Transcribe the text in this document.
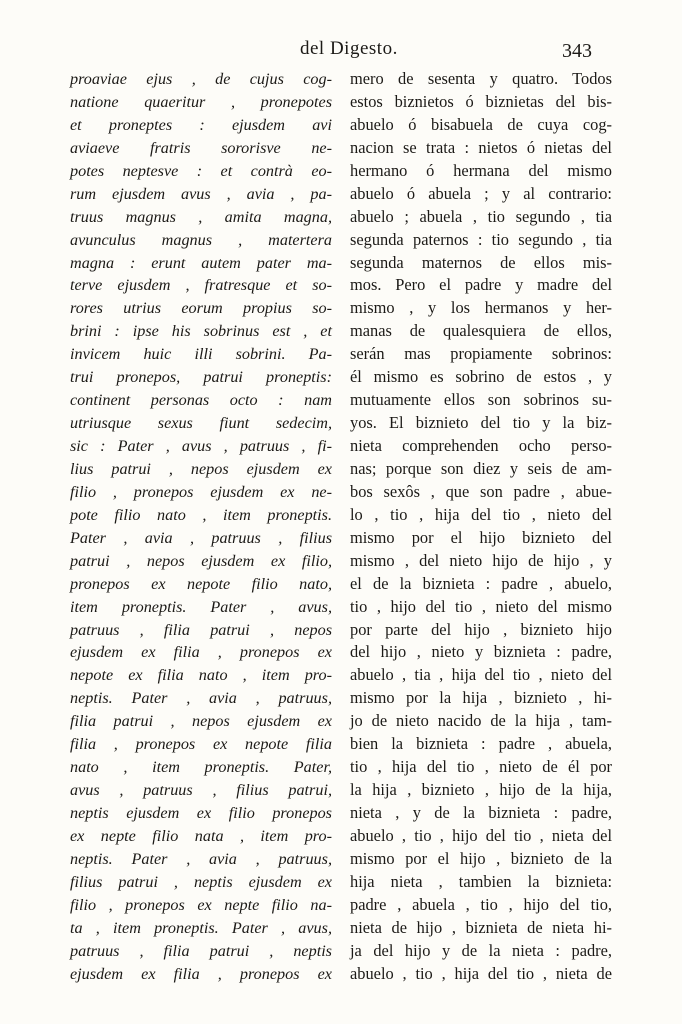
del Digesto.	343
proaviae ejus , de cujus cog-
natione quaeritur , pronepotes
et proneptes : ejusdem avi
aviaeve fratris sororisve ne-
potes neptesve : et contrà eo-
rum ejusdem avus , avia , pa-
truus magnus , amita magna,
avunculus magnus , matertera
magna : erunt autem pater ma-
terve ejusdem , fratresque et so-
rores utrius eorum propius so-
brini : ipse his sobrinus est , et
invicem huic illi sobrini. Pa-
trui pronepos, patrui proneptis:
continent personas octo : nam
utriusque sexus fiunt sedecim,
sic : Pater , avus , patruus , fi-
lius patrui , nepos ejusdem ex
filio , pronepos ejusdem ex ne-
pote filio nato , item proneptis.
Pater , avia , patruus , filius
patrui , nepos ejusdem ex filio,
pronepos ex nepote filio nato,
item proneptis. Pater , avus,
patruus , filia patrui , nepos
ejusdem ex filia , pronepos ex
nepote ex filia nato , item pro-
neptis. Pater , avia , patruus,
filia patrui , nepos ejusdem ex
filia , pronepos ex nepote filia
nato , item proneptis. Pater,
avus , patruus , filius patrui,
neptis ejusdem ex filio pronepos
ex nepte filio nata , item pro-
neptis. Pater , avia , patruus,
filius patrui , neptis ejusdem ex
filio , pronepos ex nepte filio na-
ta , item proneptis. Pater , avus,
patruus , filia patrui , neptis
ejusdem ex filia , pronepos ex
mero de sesenta y quatro. Todos
estos biznietos ó biznietas del bis-
abuelo ó bisabuela de cuya cog-
nacion se trata : nietos ó nietas del
hermano ó hermana del mismo
abuelo ó abuela ; y al contrario:
abuelo ; abuela , tio segundo , tia
segunda paternos : tio segundo , tia
segunda maternos de ellos mis-
mos. Pero el padre y madre del
mismo , y los hermanos y her-
manas de qualesquiera de ellos,
serán mas propiamente sobrinos:
él mismo es sobrino de estos , y
mutuamente ellos son sobrinos su-
yos. El biznieto del tio y la biz-
nieta comprehenden ocho perso-
nas; porque son diez y seis de am-
bos sexôs , que son padre , abue-
lo , tio , hija del tio , nieto del
mismo por el hijo biznieto del
mismo , del nieto hijo de hijo , y
el de la biznieta : padre , abuelo,
tio , hijo del tio , nieto del mismo
por parte del hijo , biznieto hijo
del hijo , nieto y biznieta : padre,
abuelo , tia , hija del tio , nieto del
mismo por la hija , biznieto , hi-
jo de nieto nacido de la hija , tam-
bien la biznieta : padre , abuela,
tio , hija del tio , nieto de él por
la hija , biznieto , hijo de la hija,
nieta , y de la biznieta : padre,
abuelo , tio , hijo del tio , nieta del
mismo por el hijo , biznieto de la
hija nieta , tambien la biznieta:
padre , abuela , tio , hijo del tio,
nieta de hijo , biznieta de nieta hi-
ja del hijo y de la nieta : padre,
abuelo , tio , hija del tio , nieta de
